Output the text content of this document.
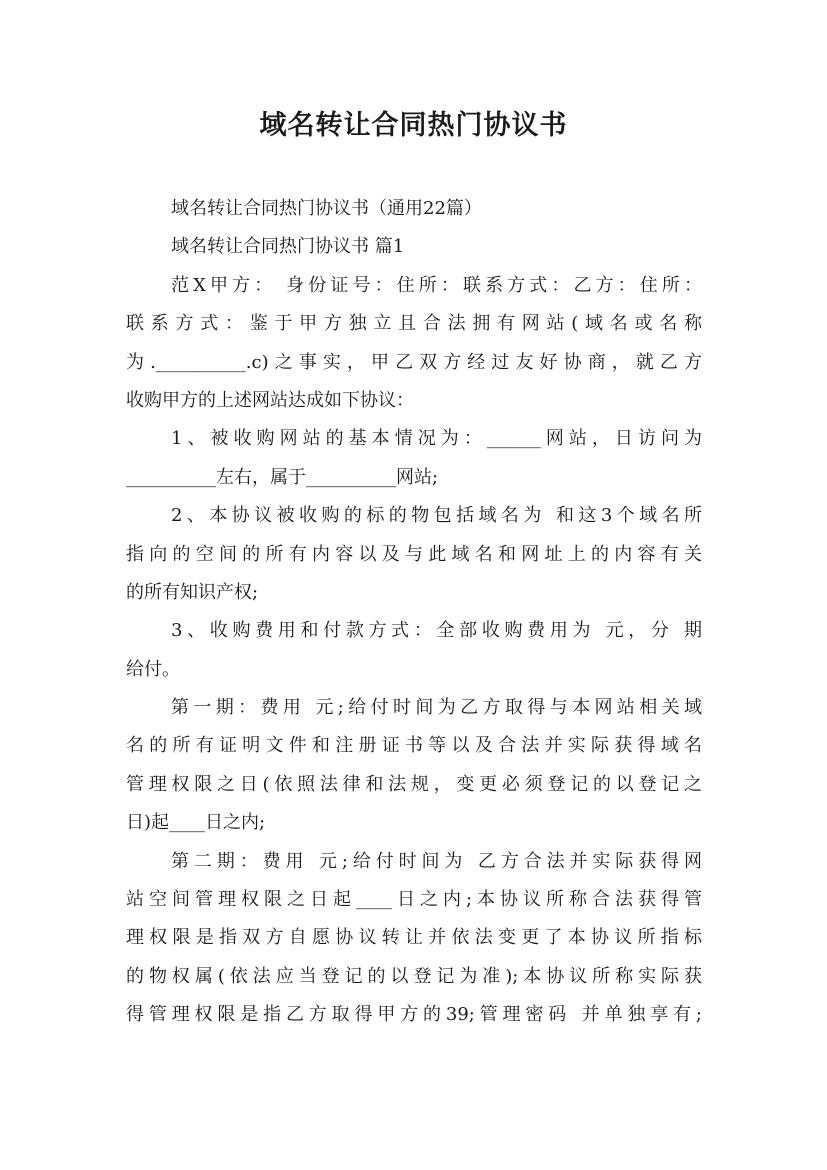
域名转让合同热门协议书
域名转让合同热门协议书（通用22篇）
域名转让合同热门协议书 篇1
范X甲方： 身份证号：住所：联系方式：乙方：住所：
联系方式：鉴于甲方独立且合法拥有网站(域名或名称
为.__________.c)之事实，甲乙双方经过友好协商，就乙方
收购甲方的上述网站达成如下协议：
1、被收购网站的基本情况为：______网站，日访问为
__________左右，属于__________网站;
2、本协议被收购的标的物包括域名为 和这3个域名所
指向的空间的所有内容以及与此域名和网址上的内容有关
的所有知识产权;
3、收购费用和付款方式：全部收购费用为 元，分 期
给付。
第一期：费用 元;给付时间为乙方取得与本网站相关域
名的所有证明文件和注册证书等以及合法并实际获得域名
管理权限之日(依照法律和法规，变更必须登记的以登记之
日)起____日之内;
第二期：费用 元;给付时间为 乙方合法并实际获得网
站空间管理权限之日起____日之内;本协议所称合法获得管
理权限是指双方自愿协议转让并依法变更了本协议所指标
的物权属(依法应当登记的以登记为准);本协议所称实际获
得管理权限是指乙方取得甲方的39;管理密码 并单独享有;
